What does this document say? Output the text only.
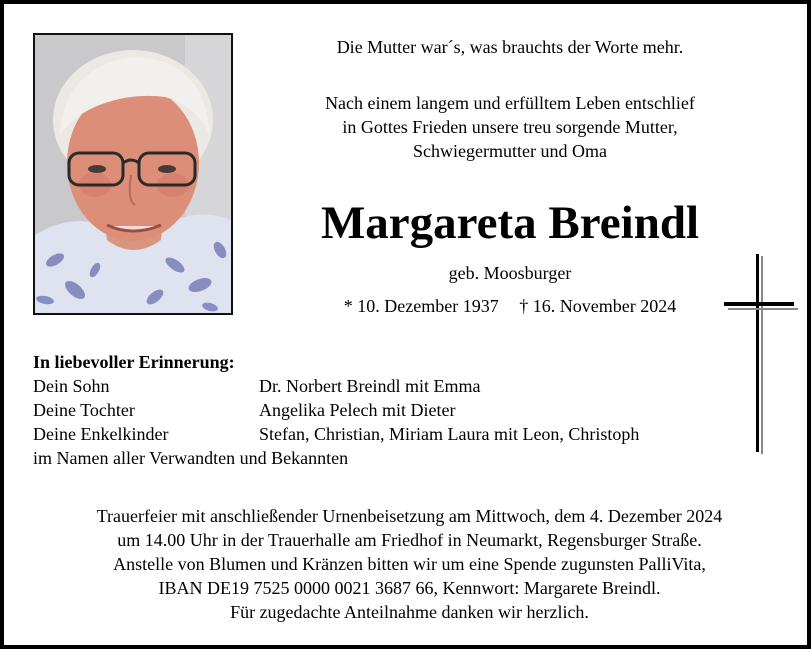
Die Mutter war´s, was brauchts der Worte mehr.
Nach einem langem und erfülltem Leben entschlief
in Gottes Frieden unsere treu sorgende Mutter,
Schwiegermutter und Oma
Margareta Breindl
geb. Moosburger
* 10. Dezember 1937 † 16. November 2024
In liebevoller Erinnerung:
Dein Sohn	Dr. Norbert Breindl mit Emma
Deine Tochter	Angelika Pelech mit Dieter
Deine Enkelkinder	Stefan, Christian, Miriam Laura mit Leon, Christoph
im Namen aller Verwandten und Bekannten
Trauerfeier mit anschließender Urnenbeisetzung am Mittwoch, dem 4. Dezember 2024
um 14.00 Uhr in der Trauerhalle am Friedhof in Neumarkt, Regensburger Straße.
Anstelle von Blumen und Kränzen bitten wir um eine Spende zugunsten PalliVita,
IBAN DE19 7525 0000 0021 3687 66, Kennwort: Margarete Breindl.
Für zugedachte Anteilnahme danken wir herzlich.
